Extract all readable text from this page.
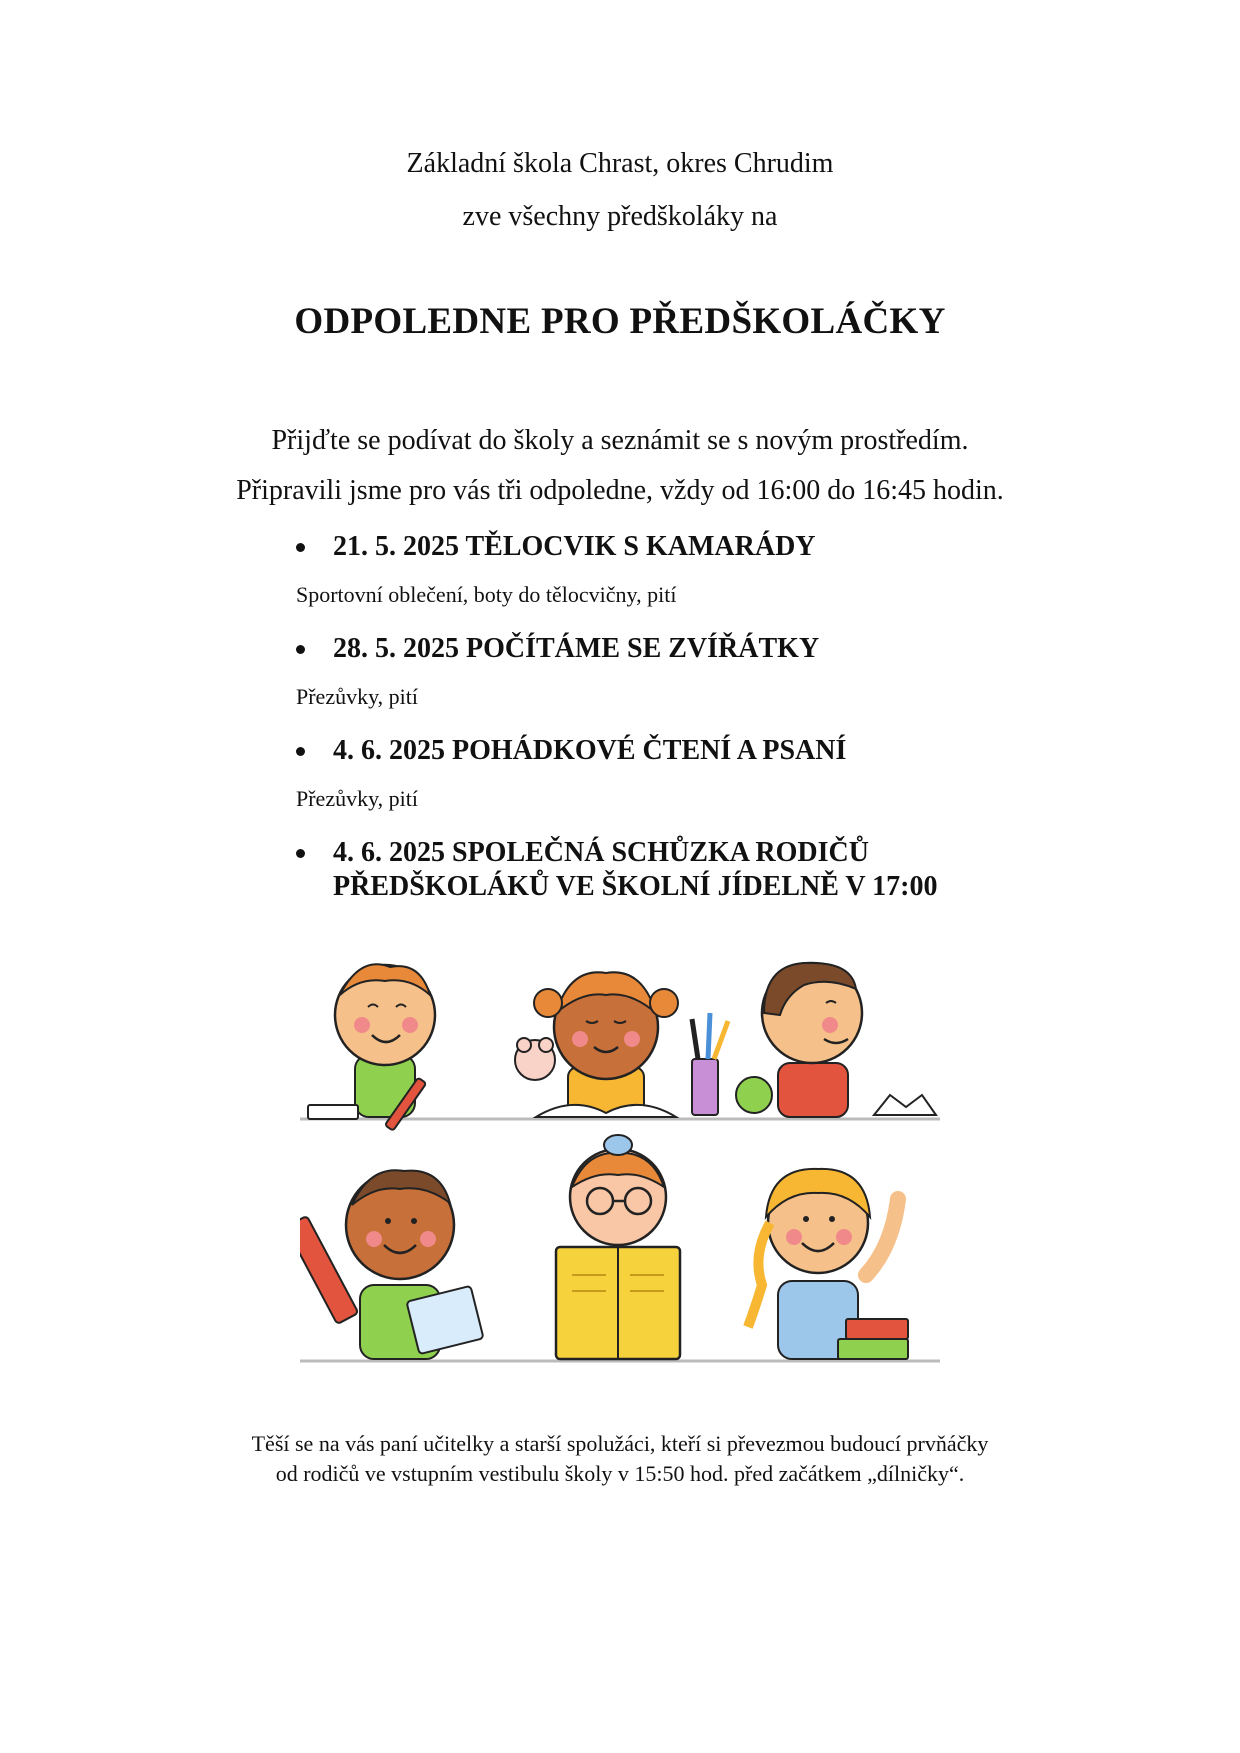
Základní škola Chrast, okres Chrudim

zve všechny předškoláky na

ODPOLEDNE PRO PŘEDŠKOLÁČKY

Přijďte se podívat do školy a seznámit se s novým prostředím.

Připravili jsme pro vás tři odpoledne, vždy od 16:00 do 16:45 hodin.

21. 5. 2025 TĚLOCVIK S KAMARÁDY

Sportovní oblečení, boty do tělocvičny, pití

28. 5. 2025 POČÍTÁME SE ZVÍŘÁTKY

Přezůvky, pití

4. 6. 2025 POHÁDKOVÉ ČTENÍ A PSANÍ

Přezůvky, pití

4. 6. 2025 SPOLEČNÁ SCHŮZKA RODIČŮ

PŘEDŠKOLÁKŮ VE ŠKOLNÍ JÍDELNĚ V 17:00

Těší se na vás paní učitelky a starší spolužáci, kteří si převezmou budoucí prvňáčky

od rodičů ve vstupním vestibulu školy v 15:50 hod. před začátkem „dílničky“.
